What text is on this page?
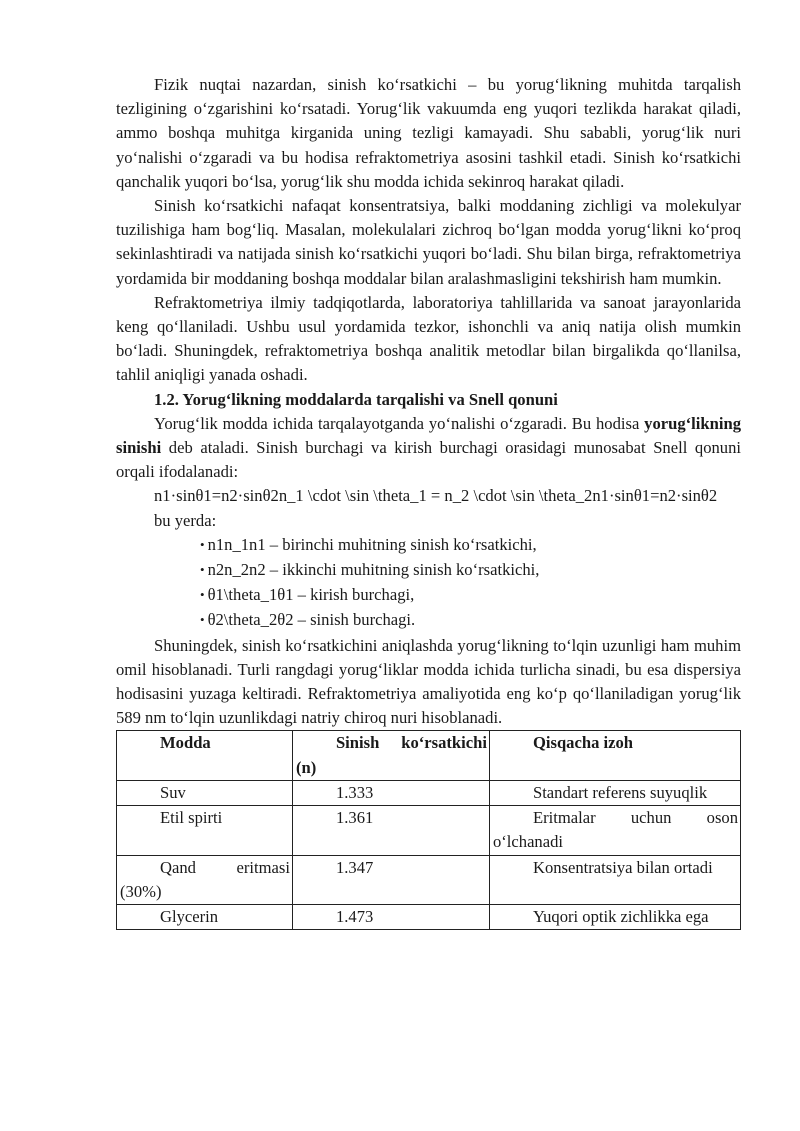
Fizik nuqtai nazardan, sinish koʻrsatkichi – bu yorugʻlikning muhitda tarqalish tezligining oʻzgarishini koʻrsatadi. Yorugʻlik vakuumda eng yuqori tezlikda harakat qiladi, ammo boshqa muhitga kirganida uning tezligi kamayadi. Shu sababli, yorugʻlik nuri yoʻnalishi oʻzgaradi va bu hodisa refraktometriya asosini tashkil etadi. Sinish koʻrsatkichi qanchalik yuqori boʻlsa, yorugʻlik shu modda ichida sekinroq harakat qiladi.

Sinish koʻrsatkichi nafaqat konsentratsiya, balki moddaning zichligi va molekulyar tuzilishiga ham bogʻliq. Masalan, molekulalari zichroq boʻlgan modda yorugʻlikni koʻproq sekinlashtiradi va natijada sinish koʻrsatkichi yuqori boʻladi. Shu bilan birga, refraktometriya yordamida bir moddaning boshqa moddalar bilan aralashmasligini tekshirish ham mumkin.

Refraktometriya ilmiy tadqiqotlarda, laboratoriya tahlillarida va sanoat jarayonlarida keng qoʻllaniladi. Ushbu usul yordamida tezkor, ishonchli va aniq natija olish mumkin boʻladi. Shuningdek, refraktometriya boshqa analitik metodlar bilan birgalikda qoʻllanilsa, tahlil aniqligi yanada oshadi.

1.2. Yorugʻlikning moddalarda tarqalishi va Snell qonuni

Yorugʻlik modda ichida tarqalayotganda yoʻnalishi oʻzgaradi. Bu hodisa yorugʻlikning sinishi deb ataladi. Sinish burchagi va kirish burchagi orasidagi munosabat Snell qonuni orqali ifodalanadi:

n1·sinθ1=n2·sinθ2n_1 \cdot \sin \theta_1 = n_2 \cdot \sin \theta_2n1·sinθ1=n2·sinθ2

bu yerda:

• n1n_1n1 – birinchi muhitning sinish koʻrsatkichi,
• n2n_2n2 – ikkinchi muhitning sinish koʻrsatkichi,
• θ1\theta_1θ1 – kirish burchagi,
• θ2\theta_2θ2 – sinish burchagi.

Shuningdek, sinish koʻrsatkichini aniqlashda yorugʻlikning toʻlqin uzunligi ham muhim omil hisoblanadi. Turli rangdagi yorugʻliklar modda ichida turlicha sinadi, bu esa dispersiya hodisasini yuzaga keltiradi. Refraktometriya amaliyotida eng koʻp qoʻllaniladigan yorugʻlik 589 nm toʻlqin uzunlikdagi natriy chiroq nuri hisoblanadi.

Modda	Sinish koʻrsatkichi (n)	Qisqacha izoh
Suv	1.333	Standart referens suyuqlik
Etil spirti	1.361	Eritmalar uchun oson oʻlchanadi
Qand eritmasi (30%)	1.347	Konsentratsiya bilan ortadi
Glycerin	1.473	Yuqori optik zichlikka ega
